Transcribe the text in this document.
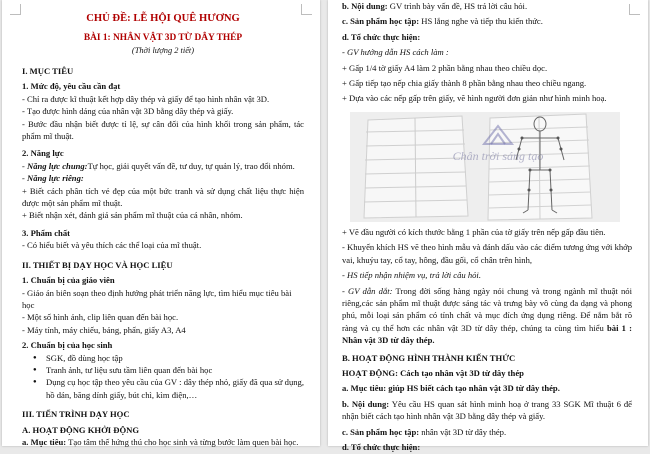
CHỦ ĐỀ: LỄ HỘI QUÊ HƯƠNG

BÀI 1: NHÂN VẬT 3D TỪ DÂY THÉP

(Thời lượng 2 tiết)

I. MỤC TIÊU

1. Mức độ, yêu cầu cần đạt

- Chỉ ra được kĩ thuật kết hợp dây thép và giấy để tạo hình nhân vật 3D.

- Tạo được hình dáng của nhân vật 3D bằng dây thép và giấy.

- Bước đầu nhận biết được tỉ lệ, sự cân đối của hình khối trong sản phẩm, tác phẩm mĩ thuật.

2. Năng lực

- Năng lực chung:Tự học, giải quyết vấn đề, tư duy, tự quản lý, trao đổi nhóm.

- Năng lực riêng:

+ Biết cách phân tích vẻ đẹp của một bức tranh và sử dụng chất liệu thực hiện được một sản phẩm mĩ thuật.

+ Biết nhận xét, đánh giá sản phẩm mĩ thuật của cá nhân, nhóm.

3. Phẩm chất

- Có hiểu biết và yêu thích các thể loại của mĩ thuật.

II. THIẾT BỊ DẠY HỌC VÀ HỌC LIỆU

1. Chuẩn bị của giáo viên

- Giáo án biên soạn theo định hướng phát triển năng lực, tìm hiểu mục tiêu bài học

- Một số hình ảnh, clip liên quan đến bài học.

- Máy tính, máy chiếu, bảng, phấn, giấy A3, A4

2. Chuẩn bị của học sinh

● SGK, đồ dùng học tập
● Tranh ảnh, tư liệu sưu tầm liên quan đến bài học
● Dụng cụ học tập theo yêu cầu của GV : dây thép nhỏ, giấy đã qua sử dụng, hồ dán, băng dính giấy, bút chì, kìm điện,…

III. TIẾN TRÌNH DẠY HỌC

A. HOẠT ĐỘNG KHỞI ĐỘNG

a. Mục tiêu: Tạo tâm thế hứng thú cho học sinh và từng bước làm quen bài học.

b. Nội dung: GV trình bày vấn đề, HS trả lời câu hỏi.

c. Sản phẩm học tập: HS lắng nghe và tiếp thu kiến thức.

d. Tổ chức thực hiện:

- GV hướng dẫn HS cách làm :

+ Gấp 1/4 tờ giấy A4 làm 2 phần bằng nhau theo chiều dọc.

+ Gấp tiếp tạo nếp chia giấy thành 8 phần bằng nhau theo chiều ngang.

+ Dựa vào các nếp gấp trên giấy, vẽ hình người đơn giản như hình minh hoạ.

Chân trời sáng tạo

+ Vẽ đầu người có kích thước bằng 1 phần của tờ giấy trên nếp gấp đầu tiên.

- Khuyến khích HS vẽ theo hình mẫu và đánh dấu vào các điểm tương ứng với khớp vai, khuỷu tay, cổ tay, hông, đầu gối, cổ chân trên hình,

- HS tiếp nhận nhiệm vụ, trả lời câu hỏi.

- GV dẫn dắt: Trong đời sống hàng ngày nói chung và trong ngành mĩ thuật nói riêng,các sản phẩm mĩ thuật được sáng tác và trưng bày vô cùng đa dạng và phong phú, mỗi loại sản phẩm có tính chất và mục đích ứng dụng riêng. Để nắm bắt rõ ràng và cụ thể hơn các nhân vật 3D từ dây thép, chúng ta cùng tìm hiểu bài 1 : Nhân vật 3D từ dây thép.

B. HOẠT ĐỘNG HÌNH THÀNH KIẾN THỨC

HOẠT ĐỘNG: Cách tạo nhân vật 3D từ dây thép

a. Mục tiêu: giúp HS biết cách tạo nhân vật 3D từ dây thép.

b. Nội dung: Yêu cầu HS quan sát hình minh hoạ ở trang 33 SGK Mĩ thuật 6 để nhận biết cách tạo hình nhân vật 3D bằng dây thép và giấy.

c. Sản phẩm học tập: nhân vật 3D từ dây thép.

d. Tổ chức thực hiện:
